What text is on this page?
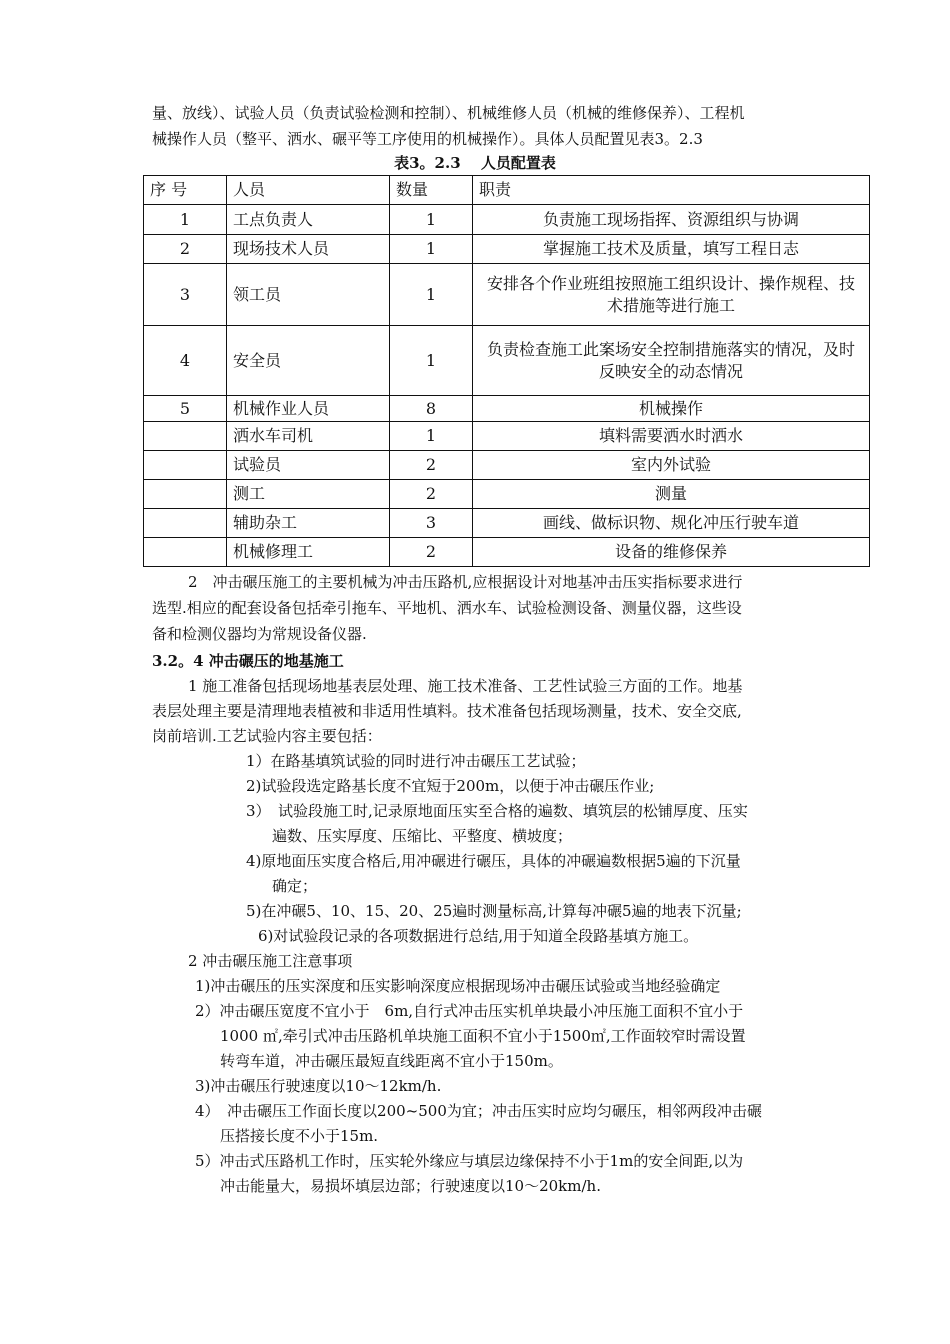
量、放线）、试验人员（负责试验检测和控制）、机械维修人员（机械的维修保养）、工程机
械操作人员（整平、洒水、碾平等工序使用的机械操作）。具体人员配置见表3。2.3
表3。2.3　 人员配置表
序 号	人员	数量	职责
1	工点负责人	1	负责施工现场指挥、资源组织与协调
2	现场技术人员	1	掌握施工技术及质量，填写工程日志
3	领工员	1	安排各个作业班组按照施工组织设计、操作规程、技术措施等进行施工
4	安全员	1	负责检查施工此案场安全控制措施落实的情况，及时反映安全的动态情况
5	机械作业人员	8	机械操作
	洒水车司机	1	填料需要洒水时洒水
	试验员	2	室内外试验
	测工	2	测量
	辅助杂工	3	画线、做标识物、规化冲压行驶车道
	机械修理工	2	设备的维修保养
2　冲击碾压施工的主要机械为冲击压路机,应根据设计对地基冲击压实指标要求进行
选型.相应的配套设备包括牵引拖车、平地机、洒水车、试验检测设备、测量仪器，这些设
备和检测仪器均为常规设备仪器.
3.2。4 冲击碾压的地基施工
1 施工准备包括现场地基表层处理、施工技术准备、工艺性试验三方面的工作。地基
表层处理主要是清理地表植被和非适用性填料。技术准备包括现场测量，技术、安全交底,
岗前培训.工艺试验内容主要包括：
1）在路基填筑试验的同时进行冲击碾压工艺试验；
2)试验段选定路基长度不宜短于200m，以便于冲击碾压作业;
3）　试验段施工时,记录原地面压实至合格的遍数、填筑层的松铺厚度、压实
遍数、压实厚度、压缩比、平整度、横坡度；
4)原地面压实度合格后,用冲碾进行碾压，具体的冲碾遍数根据5遍的下沉量
确定；
5)在冲碾5、10、15、20、25遍时测量标高,计算每冲碾5遍的地表下沉量;
6)对试验段记录的各项数据进行总结,用于知道全段路基填方施工。
2 冲击碾压施工注意事项
1)冲击碾压的压实深度和压实影响深度应根据现场冲击碾压试验或当地经验确定
2）冲击碾压宽度不宜小于　6m,自行式冲击压实机单块最小冲压施工面积不宜小于
1000 ㎡,牵引式冲击压路机单块施工面积不宜小于1500㎡,工作面较窄时需设置
转弯车道，冲击碾压最短直线距离不宜小于150m。
3)冲击碾压行驶速度以10～12km/h.
4）　冲击碾压工作面长度以200~500为宜；冲击压实时应均匀碾压，相邻两段冲击碾
压搭接长度不小于15m.
5）冲击式压路机工作时，压实轮外缘应与填层边缘保持不小于1m的安全间距,以为
冲击能量大，易损坏填层边部；行驶速度以10～20km/h.
